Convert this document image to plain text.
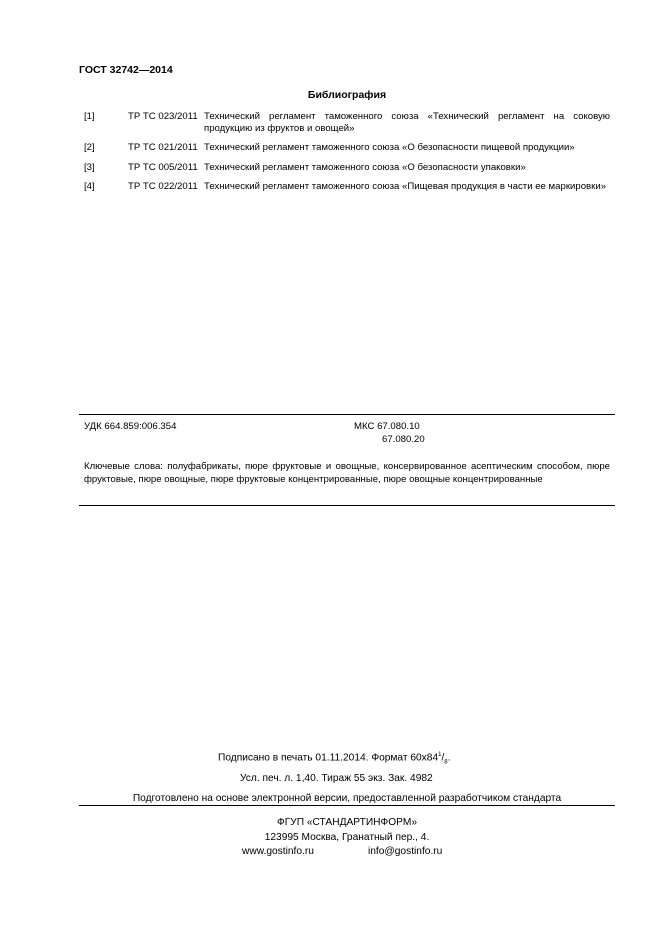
ГОСТ 32742—2014
Библиография
[1]	ТР ТС 023/2011 Технический регламент таможенного союза «Технический регламент на соковую продукцию из фруктов и овощей»
[2]	ТР ТС 021/2011 Технический регламент таможенного союза «О безопасности пищевой продукции»
[3]	ТР ТС 005/2011 Технический регламент таможенного союза «О безопасности упаковки»
[4]	ТР ТС 022/2011 Технический регламент таможенного союза «Пищевая продукция в части ее маркировки»
УДК 664.859:006.354	МКС 67.080.10
67.080.20
Ключевые слова: полуфабрикаты, пюре фруктовые и овощные, консервированное асептическим способом, пюре фруктовые, пюре овощные, пюре фруктовые концентрированные, пюре овощные концентрированные
Подписано в печать 01.11.2014. Формат $60x84^1/_8$.
Усл. печ. л. 1,40. Тираж 55 экз. Зак. 4982
Подготовлено на основе электронной версии, предоставленной разработчиком стандарта
ФГУП «СТАНДАРТИНФОРМ»
123995 Москва, Гранатный пер., 4.
www.gostinfo.ru	info@gostinfo.ru
